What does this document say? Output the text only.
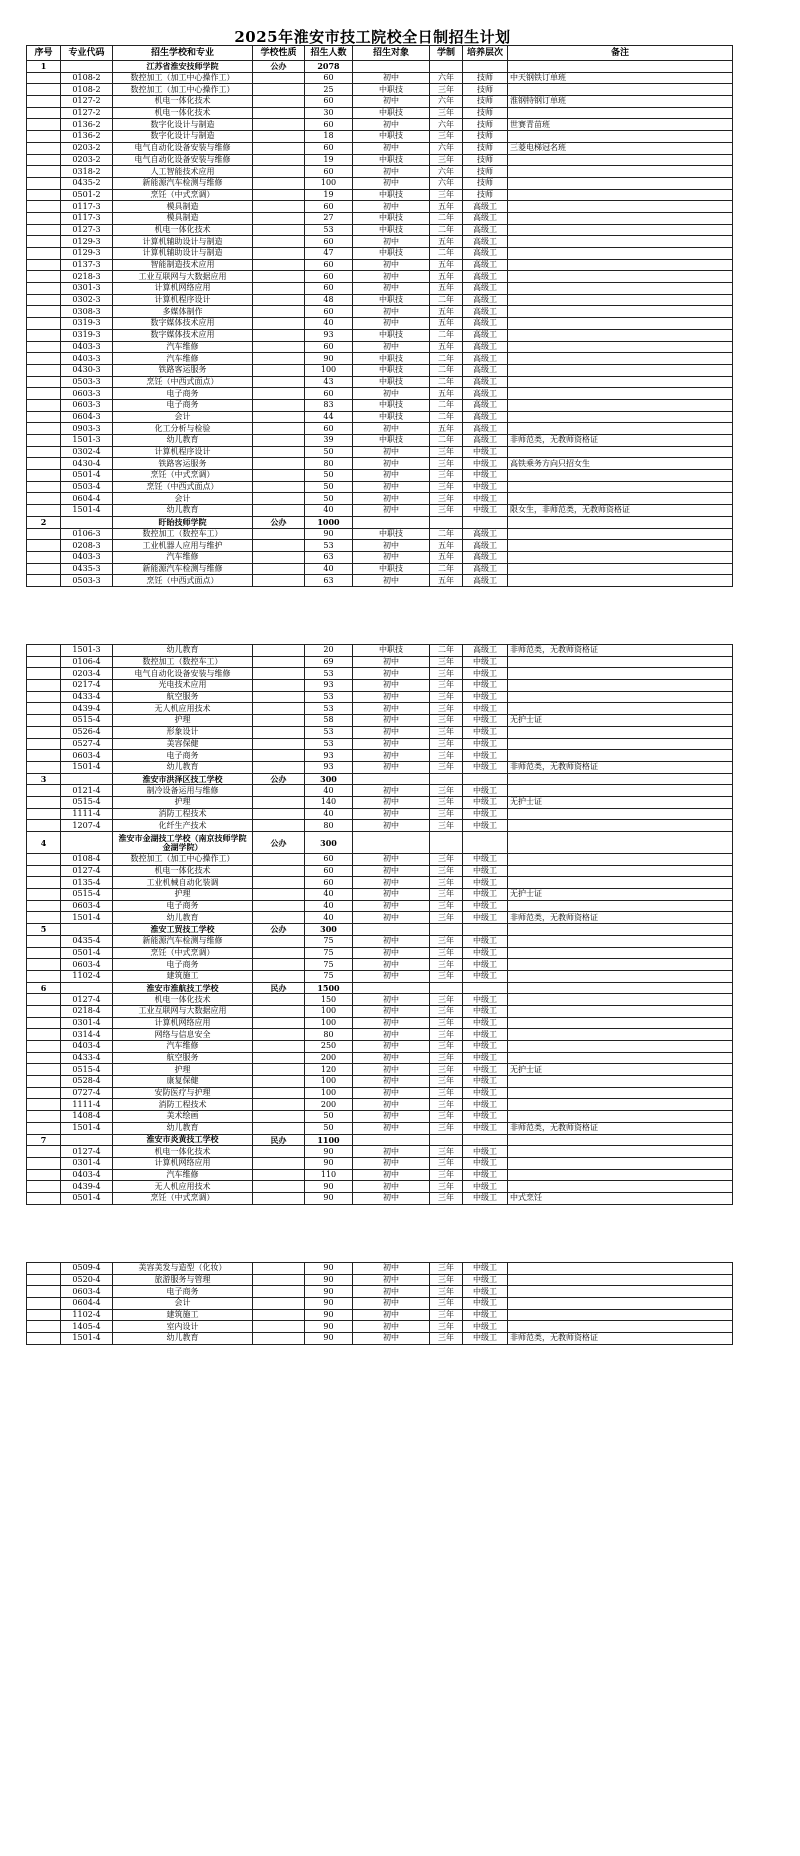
2025年淮安市技工院校全日制招生计划
序号	专业代码	招生学校和专业	学校性质	招生人数	招生对象	学制	培养层次	备注
1		江苏省淮安技师学院	公办	2078				
	0108-2	数控加工（加工中心操作工）		60	初中	六年	技师	中天钢铁订单班
	0108-2	数控加工（加工中心操作工）		25	中职技	三年	技师	
	0127-2	机电一体化技术		60	初中	六年	技师	淮钢特钢订单班
	0127-2	机电一体化技术		30	中职技	三年	技师	
	0136-2	数字化设计与制造		60	初中	六年	技师	世赛青苗班
	0136-2	数字化设计与制造		18	中职技	三年	技师	
	0203-2	电气自动化设备安装与维修		60	初中	六年	技师	三菱电梯冠名班
	0203-2	电气自动化设备安装与维修		19	中职技	三年	技师	
	0318-2	人工智能技术应用		60	初中	六年	技师	
	0435-2	新能源汽车检测与维修		100	初中	六年	技师	
	0501-2	烹饪（中式烹调）		19	中职技	三年	技师	
	0117-3	模具制造		60	初中	五年	高级工	
	0117-3	模具制造		27	中职技	二年	高级工	
	0127-3	机电一体化技术		53	中职技	二年	高级工	
	0129-3	计算机辅助设计与制造		60	初中	五年	高级工	
	0129-3	计算机辅助设计与制造		47	中职技	二年	高级工	
	0137-3	智能制造技术应用		60	初中	五年	高级工	
	0218-3	工业互联网与大数据应用		60	初中	五年	高级工	
	0301-3	计算机网络应用		60	初中	五年	高级工	
	0302-3	计算机程序设计		48	中职技	二年	高级工	
	0308-3	多媒体制作		60	初中	五年	高级工	
	0319-3	数字媒体技术应用		40	初中	五年	高级工	
	0319-3	数字媒体技术应用		93	中职技	二年	高级工	
	0403-3	汽车维修		60	初中	五年	高级工	
	0403-3	汽车维修		90	中职技	二年	高级工	
	0430-3	铁路客运服务		100	中职技	二年	高级工	
	0503-3	烹饪（中西式面点）		43	中职技	二年	高级工	
	0603-3	电子商务		60	初中	五年	高级工	
	0603-3	电子商务		83	中职技	二年	高级工	
	0604-3	会计		44	中职技	二年	高级工	
	0903-3	化工分析与检验		60	初中	五年	高级工	
	1501-3	幼儿教育		39	中职技	二年	高级工	非师范类，无教师资格证
	0302-4	计算机程序设计		50	初中	三年	中级工	
	0430-4	铁路客运服务		80	初中	三年	中级工	高铁乘务方向只招女生
	0501-4	烹饪（中式烹调）		50	初中	三年	中级工	
	0503-4	烹饪（中西式面点）		50	初中	三年	中级工	
	0604-4	会计		50	初中	三年	中级工	
	1501-4	幼儿教育		40	初中	三年	中级工	限女生，非师范类，无教师资格证
2		盱眙技师学院	公办	1000				
	0106-3	数控加工（数控车工）		90	中职技	二年	高级工	
	0208-3	工业机器人应用与维护		53	初中	五年	高级工	
	0403-3	汽车维修		63	初中	五年	高级工	
	0435-3	新能源汽车检测与维修		40	中职技	二年	高级工	
	0503-3	烹饪（中西式面点）		63	初中	五年	高级工	
	1501-3	幼儿教育		20	中职技	二年	高级工	非师范类，无教师资格证
	0106-4	数控加工（数控车工）		69	初中	三年	中级工	
	0203-4	电气自动化设备安装与维修		53	初中	三年	中级工	
	0217-4	光电技术应用		93	初中	三年	中级工	
	0433-4	航空服务		53	初中	三年	中级工	
	0439-4	无人机应用技术		53	初中	三年	中级工	
	0515-4	护理		58	初中	三年	中级工	无护士证
	0526-4	形象设计		53	初中	三年	中级工	
	0527-4	美容保健		53	初中	三年	中级工	
	0603-4	电子商务		93	初中	三年	中级工	
	1501-4	幼儿教育		93	初中	三年	中级工	非师范类，无教师资格证
3		淮安市洪泽区技工学校	公办	300				
	0121-4	制冷设备运用与维修		40	初中	三年	中级工	
	0515-4	护理		140	初中	三年	中级工	无护士证
	1111-4	消防工程技术		40	初中	三年	中级工	
	1207-4	化纤生产技术		80	初中	三年	中级工	
4		淮安市金湖技工学校（南京技师学院金湖学院）	公办	300				
	0108-4	数控加工（加工中心操作工）		60	初中	三年	中级工	
	0127-4	机电一体化技术		60	初中	三年	中级工	
	0135-4	工业机械自动化装调		60	初中	三年	中级工	
	0515-4	护理		40	初中	三年	中级工	无护士证
	0603-4	电子商务		40	初中	三年	中级工	
	1501-4	幼儿教育		40	初中	三年	中级工	非师范类，无教师资格证
5		淮安工贸技工学校	公办	300				
	0435-4	新能源汽车检测与维修		75	初中	三年	中级工	
	0501-4	烹饪（中式烹调）		75	初中	三年	中级工	
	0603-4	电子商务		75	初中	三年	中级工	
	1102-4	建筑施工		75	初中	三年	中级工	
6		淮安市淮航技工学校	民办	1500				
	0127-4	机电一体化技术		150	初中	三年	中级工	
	0218-4	工业互联网与大数据应用		100	初中	三年	中级工	
	0301-4	计算机网络应用		100	初中	三年	中级工	
	0314-4	网络与信息安全		80	初中	三年	中级工	
	0403-4	汽车维修		250	初中	三年	中级工	
	0433-4	航空服务		200	初中	三年	中级工	
	0515-4	护理		120	初中	三年	中级工	无护士证
	0528-4	康复保健		100	初中	三年	中级工	
	0727-4	安防医疗与护理		100	初中	三年	中级工	
	1111-4	消防工程技术		200	初中	三年	中级工	
	1408-4	美术绘画		50	初中	三年	中级工	
	1501-4	幼儿教育		50	初中	三年	中级工	非师范类，无教师资格证
7		淮安市炎黄技工学校	民办	1100				
	0127-4	机电一体化技术		90	初中	三年	中级工	
	0301-4	计算机网络应用		90	初中	三年	中级工	
	0403-4	汽车维修		110	初中	三年	中级工	
	0439-4	无人机应用技术		90	初中	三年	中级工	
	0501-4	烹饪（中式烹调）		90	初中	三年	中级工	中式烹饪
	0509-4	美容美发与造型（化妆）		90	初中	三年	中级工	
	0520-4	旅游服务与管理		90	初中	三年	中级工	
	0603-4	电子商务		90	初中	三年	中级工	
	0604-4	会计		90	初中	三年	中级工	
	1102-4	建筑施工		90	初中	三年	中级工	
	1405-4	室内设计		90	初中	三年	中级工	
	1501-4	幼儿教育		90	初中	三年	中级工	非师范类，无教师资格证
